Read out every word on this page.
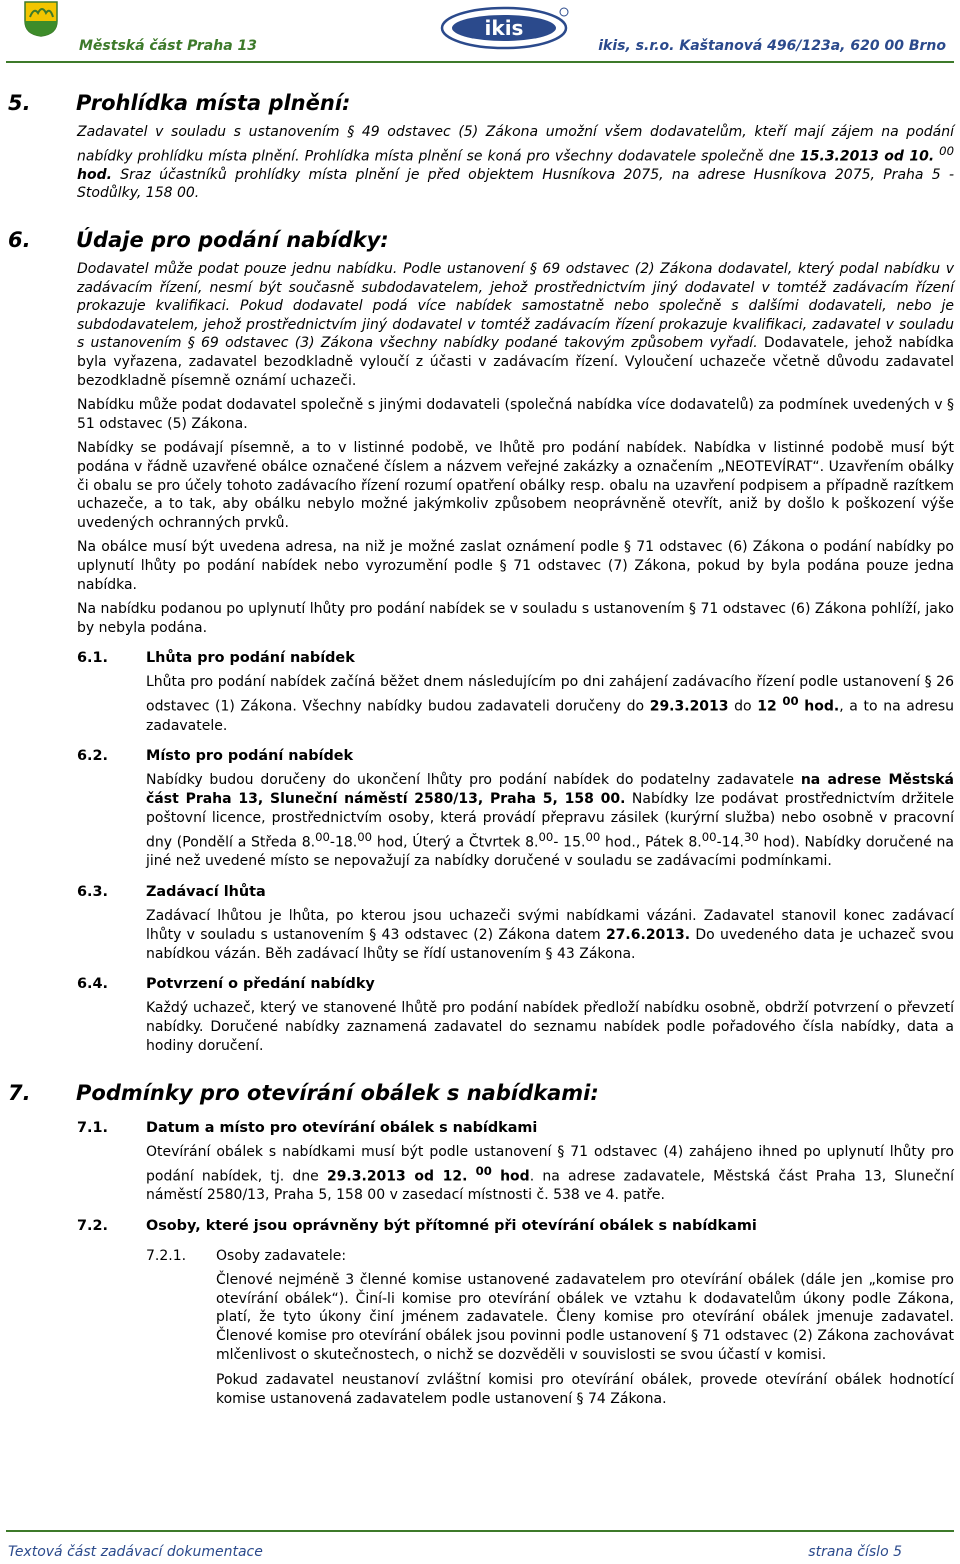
Městská část Praha 13
ikis
ikis, s.r.o. Kaštanová 496/123a, 620 00 Brno
5. Prohlídka místa plnění:
Zadavatel v souladu s ustanovením § 49 odstavec (5) Zákona umožní všem dodavatelům, kteří mají zájem na podání nabídky prohlídku místa plnění. Prohlídka místa plnění se koná pro všechny dodavatele společně dne 15.3.2013 od 10. $^{00}$ hod. Sraz účastníků prohlídky místa plnění je před objektem Husníkova 2075, na adrese Husníkova 2075, Praha 5 - Stodůlky, 158 00.
6. Údaje pro podání nabídky:
Dodavatel může podat pouze jednu nabídku. Podle ustanovení § 69 odstavec (2) Zákona dodavatel, který podal nabídku v zadávacím řízení, nesmí být současně subdodavatelem, jehož prostřednictvím jiný dodavatel v tomtéž zadávacím řízení prokazuje kvalifikaci. Pokud dodavatel podá více nabídek samostatně nebo společně s dalšími dodavateli, nebo je subdodavatelem, jehož prostřednictvím jiný dodavatel v tomtéž zadávacím řízení prokazuje kvalifikaci, zadavatel v souladu s ustanovením § 69 odstavec (3) Zákona všechny nabídky podané takovým způsobem vyřadí. Dodavatele, jehož nabídka byla vyřazena, zadavatel bezodkladně vyloučí z účasti v zadávacím řízení. Vyloučení uchazeče včetně důvodu zadavatel bezodkladně písemně oznámí uchazeči.
Nabídku může podat dodavatel společně s jinými dodavateli (společná nabídka více dodavatelů) za podmínek uvedených v § 51 odstavec (5) Zákona.
Nabídky se podávají písemně, a to v listinné podobě, ve lhůtě pro podání nabídek. Nabídka v listinné podobě musí být podána v řádně uzavřené obálce označené číslem a názvem veřejné zakázky a označením „NEOTEVÍRAT“. Uzavřením obálky či obalu se pro účely tohoto zadávacího řízení rozumí opatření obálky resp. obalu na uzavření podpisem a případně razítkem uchazeče, a to tak, aby obálku nebylo možné jakýmkoliv způsobem neoprávněně otevřít, aniž by došlo k poškození výše uvedených ochranných prvků.
Na obálce musí být uvedena adresa, na niž je možné zaslat oznámení podle § 71 odstavec (6) Zákona o podání nabídky po uplynutí lhůty po podání nabídek nebo vyrozumění podle § 71 odstavec (7) Zákona, pokud by byla podána pouze jedna nabídka.
Na nabídku podanou po uplynutí lhůty pro podání nabídek se v souladu s ustanovením § 71 odstavec (6) Zákona pohlíží, jako by nebyla podána.
6.1.	Lhůta pro podání nabídek
Lhůta pro podání nabídek začíná běžet dnem následujícím po dni zahájení zadávacího řízení podle ustanovení § 26 odstavec (1) Zákona. Všechny nabídky budou zadavateli doručeny do 29.3.2013 do 12 $^{00}$ hod., a to na adresu zadavatele.
6.2.	Místo pro podání nabídek
Nabídky budou doručeny do ukončení lhůty pro podání nabídek do podatelny zadavatele na adrese Městská část Praha 13, Sluneční náměstí 2580/13, Praha 5, 158 00. Nabídky lze podávat prostřednictvím držitele poštovní licence, prostřednictvím osoby, která provádí přepravu zásilek (kurýrní služba) nebo osobně v pracovní dny (Pondělí a Středa 8.00-18.00 hod, Úterý a Čtvrtek 8.00- 15.00 hod., Pátek 8.00-14.30 hod). Nabídky doručené na jiné než uvedené místo se nepovažují za nabídky doručené v souladu se zadávacími podmínkami.
6.3.	Zadávací lhůta
Zadávací lhůtou je lhůta, po kterou jsou uchazeči svými nabídkami vázáni. Zadavatel stanovil konec zadávací lhůty v souladu s ustanovením § 43 odstavec (2) Zákona datem 27.6.2013. Do uvedeného data je uchazeč svou nabídkou vázán. Běh zadávací lhůty se řídí ustanovením § 43 Zákona.
6.4.	Potvrzení o předání nabídky
Každý uchazeč, který ve stanovené lhůtě pro podání nabídek předloží nabídku osobně, obdrží potvrzení o převzetí nabídky. Doručené nabídky zaznamená zadavatel do seznamu nabídek podle pořadového čísla nabídky, data a hodiny doručení.
7. Podmínky pro otevírání obálek s nabídkami:
7.1.	Datum a místo pro otevírání obálek s nabídkami
Otevírání obálek s nabídkami musí být podle ustanovení § 71 odstavec (4) zahájeno ihned po uplynutí lhůty pro podání nabídek, tj. dne 29.3.2013 od 12. $^{00}$ hod. na adrese zadavatele, Městská část Praha 13, Sluneční náměstí 2580/13, Praha 5, 158 00 v zasedací místnosti č. 538 ve 4. patře.
7.2.	Osoby, které jsou oprávněny být přítomné při otevírání obálek s nabídkami
7.2.1. Osoby zadavatele:
Členové nejméně 3 členné komise ustanovené zadavatelem pro otevírání obálek (dále jen „komise pro otevírání obálek“). Činí-li komise pro otevírání obálek ve vztahu k dodavatelům úkony podle Zákona, platí, že tyto úkony činí jménem zadavatele. Členy komise pro otevírání obálek jmenuje zadavatel. Členové komise pro otevírání obálek jsou povinni podle ustanovení § 71 odstavec (2) Zákona zachovávat mlčenlivost o skutečnostech, o nichž se dozvěděli v souvislosti se svou účastí v komisi.
Pokud zadavatel neustanoví zvláštní komisi pro otevírání obálek, provede otevírání obálek hodnotící komise ustanovená zadavatelem podle ustanovení § 74 Zákona.
Textová část zadávací dokumentace	strana číslo 5
